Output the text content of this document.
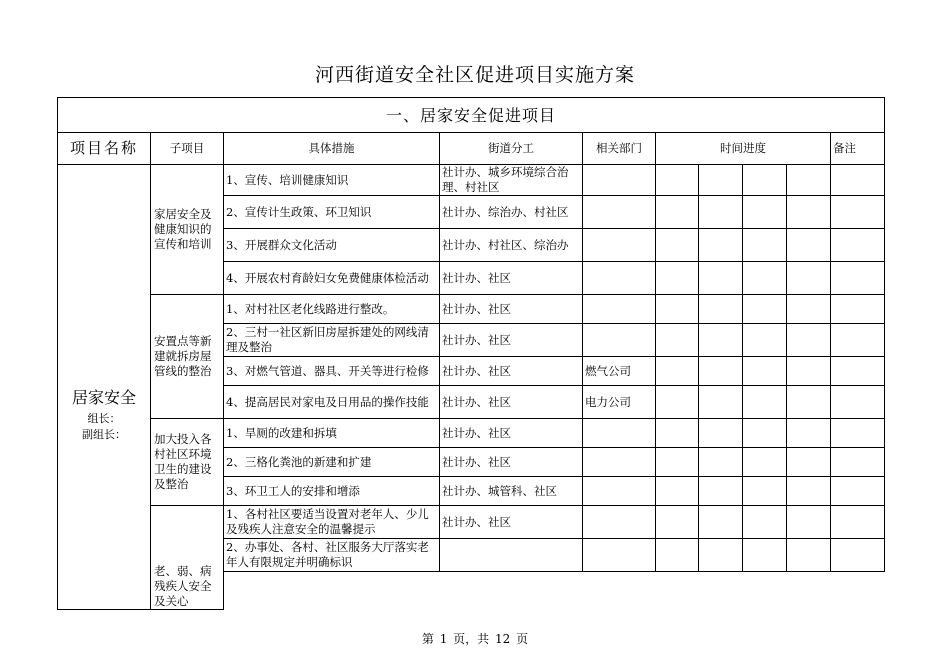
河西街道安全社区促进项目实施方案
一、居家安全促进项目									
项目名称	子项目	具体措施	街道分工	相关部门	时间进度				备注

居家安全
组长：
副组长：	家居安全及健康知识的宣传和培训	1、宣传、培训健康知识	社计办、城乡环境综合治理、村社区						
		2、宣传计生政策、环卫知识	社计办、综治办、村社区						
		3、开展群众文化活动	社计办、村社区、综治办						
		4、开展农村育龄妇女免费健康体检活动	社计办、社区						
	安置点等新建就拆房屋管线的整治	1、对村社区老化线路进行整改。	社计办、社区						
		2、三村一社区新旧房屋拆建处的网线清理及整治	社计办、社区						
		3、对燃气管道、器具、开关等进行检修	社计办、社区	燃气公司					
		4、提高居民对家电及日用品的操作技能	社计办、社区	电力公司					
	加大投入各村社区环境卫生的建设及整治	1、旱厕的改建和拆填	社计办、社区						
		2、三格化粪池的新建和扩建	社计办、社区						
		3、环卫工人的安排和增添	社计办、城管科、社区						
	老、弱、病残疾人安全及关心	1、各村社区要适当设置对老年人、少儿及残疾人注意安全的温馨提示	社计办、社区						
		2、办事处、各村、社区服务大厅落实老年人有限规定并明确标识							

第 1 页，共 12 页
